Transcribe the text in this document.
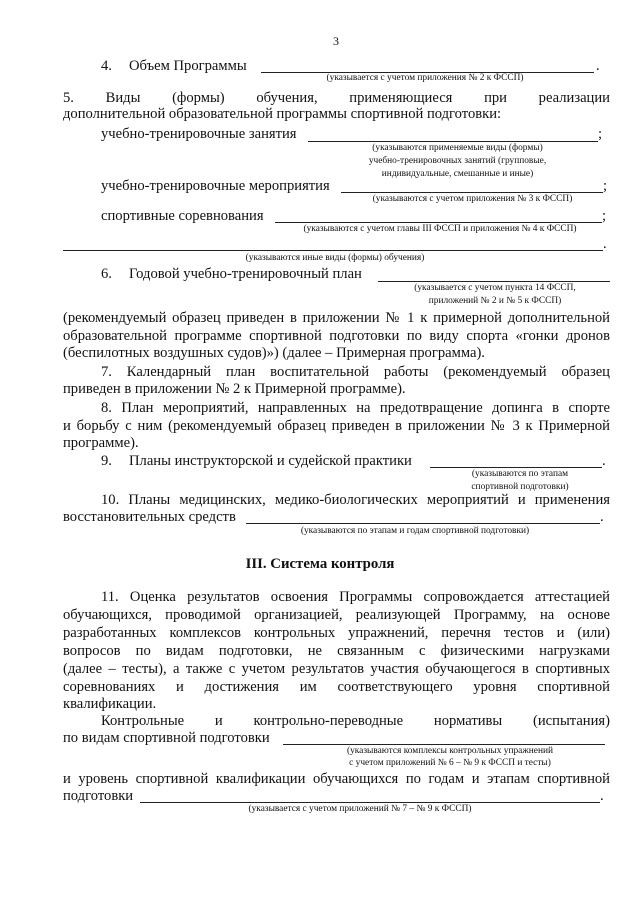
3
4. Объем Программы	.
(указывается с учетом приложения № 2 к ФССП)
5. Виды (формы) обучения, применяющиеся при реализации
дополнительной образовательной программы спортивной подготовки:
учебно-тренировочные занятия	;
(указываются применяемые виды (формы)
учебно-тренировочных занятий (групповые,
индивидуальные, смешанные и иные)
учебно-тренировочные мероприятия	;
(указываются с учетом приложения № 3 к ФССП)
спортивные соревнования	;
(указываются с учетом главы III ФССП и приложения № 4 к ФССП)
.
(указываются иные виды (формы) обучения)
6. Годовой учебно-тренировочный план
(указывается с учетом пункта 14 ФССП,
приложений № 2 и № 5 к ФССП)
(рекомендуемый образец приведен в приложении № 1 к примерной дополнительной
образовательной программе спортивной подготовки по виду спорта «гонки дронов
(беспилотных воздушных судов)») (далее – Примерная программа).
7. Календарный план воспитательной работы (рекомендуемый образец
приведен в приложении № 2 к Примерной программе).
8. План мероприятий, направленных на предотвращение допинга в спорте
и борьбу с ним (рекомендуемый образец приведен в приложении № 3 к Примерной
программе).
9. Планы инструкторской и судейской практики	.
(указываются по этапам
спортивной подготовки)
10. Планы медицинских, медико-биологических мероприятий и применения
восстановительных средств	.
(указываются по этапам и годам спортивной подготовки)
III. Система контроля
11. Оценка результатов освоения Программы сопровождается аттестацией
обучающихся, проводимой организацией, реализующей Программу, на основе
разработанных комплексов контрольных упражнений, перечня тестов и (или)
вопросов по видам подготовки, не связанным с физическими нагрузками
(далее – тесты), а также с учетом результатов участия обучающегося в спортивных
соревнованиях и достижения им соответствующего уровня спортивной
квалификации.
Контрольные и контрольно-переводные нормативы (испытания)
по видам спортивной подготовки
(указываются комплексы контрольных упражнений
с учетом приложений № 6 – № 9 к ФССП и тесты)
и уровень спортивной квалификации обучающихся по годам и этапам спортивной
подготовки	.
(указывается с учетом приложений № 7 – № 9 к ФССП)
